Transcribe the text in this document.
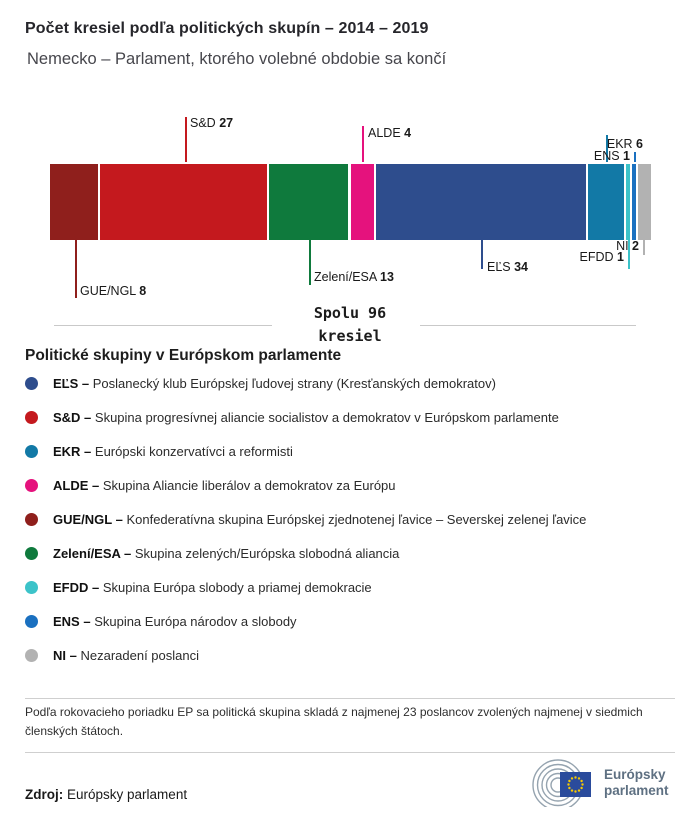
Počet kresiel podľa politických skupín – 2014 – 2019
Nemecko – Parlament, ktorého volebné obdobie sa končí
GUE/NGL 8
S&D 27
Zelení/ESA 13
ALDE 4
EĽS 34
EKR 6
EFDD 1
ENS 1
NI 2
Spolu 96
kresiel
Politické skupiny v Európskom parlamente
EĽS – Poslanecký klub Európskej ľudovej strany (Kresťanských demokratov)
S&D – Skupina progresívnej aliancie socialistov a demokratov v Európskom parlamente
EKR – Európski konzervatívci a reformisti
ALDE – Skupina Aliancie liberálov a demokratov za Európu
GUE/NGL – Konfederatívna skupina Európskej zjednotenej ľavice – Severskej zelenej ľavice
Zelení/ESA – Skupina zelených/Európska slobodná aliancia
EFDD – Skupina Európa slobody a priamej demokracie
ENS – Skupina Európa národov a slobody
NI – Nezaradení poslanci
Podľa rokovacieho poriadku EP sa politická skupina skladá z najmenej 23 poslancov zvolených najmenej v siedmich členských štátoch.
Zdroj: Európsky parlament
Európsky
parlament
